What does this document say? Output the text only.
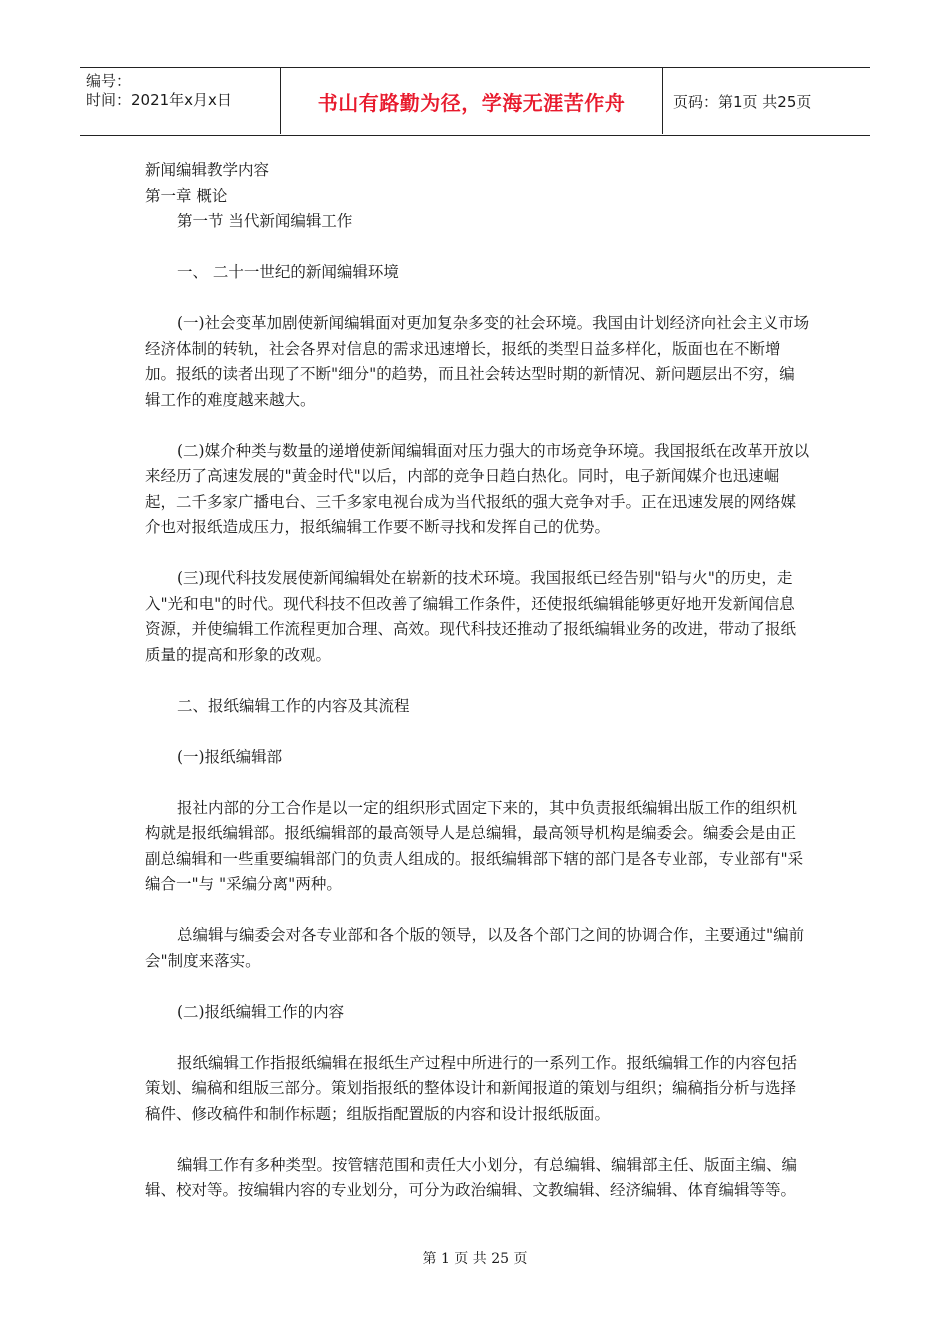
编号：
时间：2021年x月x日	书山有路勤为径，学海无涯苦作舟	页码：第1页 共25页

新闻编辑教学内容

第一章 概论

第一节 当代新闻编辑工作

一、 二十一世纪的新闻编辑环境

(一)社会变革加剧使新闻编辑面对更加复杂多变的社会环境。我国由计划经济向社会主义市场经济体制的转轨，社会各界对信息的需求迅速增长，报纸的类型日益多样化，版面也在不断增加。报纸的读者出现了不断"细分"的趋势，而且社会转达型时期的新情况、新问题层出不穷，编辑工作的难度越来越大。

(二)媒介种类与数量的递增使新闻编辑面对压力强大的市场竞争环境。我国报纸在改革开放以来经历了高速发展的"黄金时代"以后，内部的竞争日趋白热化。同时，电子新闻媒介也迅速崛起，二千多家广播电台、三千多家电视台成为当代报纸的强大竞争对手。正在迅速发展的网络媒介也对报纸造成压力，报纸编辑工作要不断寻找和发挥自己的优势。

(三)现代科技发展使新闻编辑处在崭新的技术环境。我国报纸已经告别"铅与火"的历史，走入"光和电"的时代。现代科技不但改善了编辑工作条件，还使报纸编辑能够更好地开发新闻信息资源，并使编辑工作流程更加合理、高效。现代科技还推动了报纸编辑业务的改进，带动了报纸质量的提高和形象的改观。

二、报纸编辑工作的内容及其流程

(一)报纸编辑部

报社内部的分工合作是以一定的组织形式固定下来的，其中负责报纸编辑出版工作的组织机构就是报纸编辑部。报纸编辑部的最高领导人是总编辑，最高领导机构是编委会。编委会是由正副总编辑和一些重要编辑部门的负责人组成的。报纸编辑部下辖的部门是各专业部，专业部有"采编合一"与 "采编分离"两种。

总编辑与编委会对各专业部和各个版的领导，以及各个部门之间的协调合作，主要通过"编前会"制度来落实。

(二)报纸编辑工作的内容

报纸编辑工作指报纸编辑在报纸生产过程中所进行的一系列工作。报纸编辑工作的内容包括策划、编稿和组版三部分。策划指报纸的整体设计和新闻报道的策划与组织；编稿指分析与选择稿件、修改稿件和制作标题；组版指配置版的内容和设计报纸版面。

编辑工作有多种类型。按管辖范围和责任大小划分，有总编辑、编辑部主任、版面主编、编辑、校对等。按编辑内容的专业划分，可分为政治编辑、文教编辑、经济编辑、体育编辑等等。

第 1 页 共 25 页
